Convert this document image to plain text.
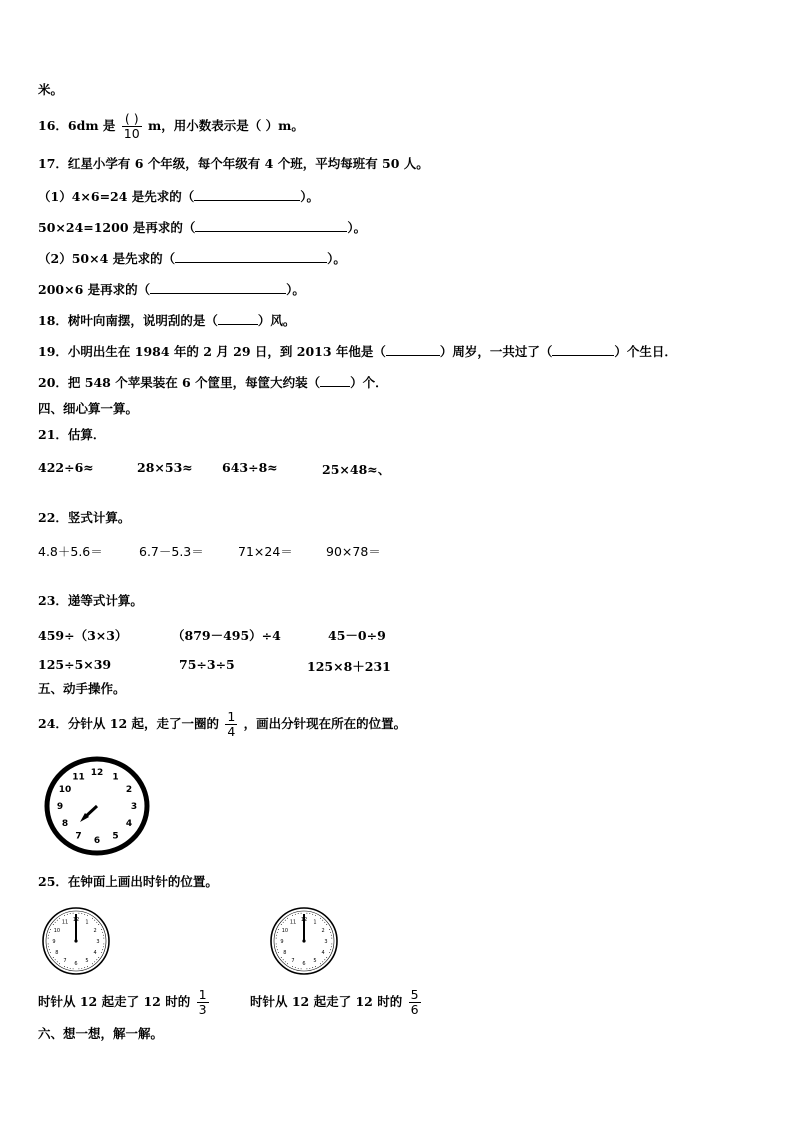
米。
16．6dm 是 $\frac{( )}{10}$ m，用小数表示是（ ）m。
17．红星小学有 6 个年级，每个年级有 4 个班，平均每班有 50 人。
（1）4×6=24 是先求的（	）。
50×24=1200 是再求的（	）。
（2）50×4 是先求的（	）。
200×6 是再求的（	）。
18．树叶向南摆，说明刮的是（	）风。
19．小明出生在 1984 年的 2 月 29 日，到 2013 年他是（	）周岁，一共过了（	）个生日．
20．把 548 个苹果装在 6 个筐里，每筐大约装（ ）个．
四、细心算一算。
21．估算．
422÷6≈	28×53≈ 643÷8≈	25×48≈、
22．竖式计算。
4.8＋5.6＝	6.7－5.3＝	71×24＝	90×78＝
23．递等式计算。
459÷（3×3）	（879－495）÷4	45－0÷9
125÷5×39	75÷3÷5	125×8＋231
五、动手操作。
24．分针从 12 起，走了一圈的 $\frac{1}{4}$ ，画出分针现在所在的位置。
12 1
2
3
4
5
6
7
8
9
10
11
25．在钟面上画出时针的位置。
12 1
2
3
4
5
6
7
8
9
10
11	12 1
2
3
4
5
6
7
8
9
10
11
时针从 12 起走了 12 时的 $\frac{1}{3}$	时针从 12 起走了 12 时的 $\frac{5}{6}$
六、想一想，解一解。
